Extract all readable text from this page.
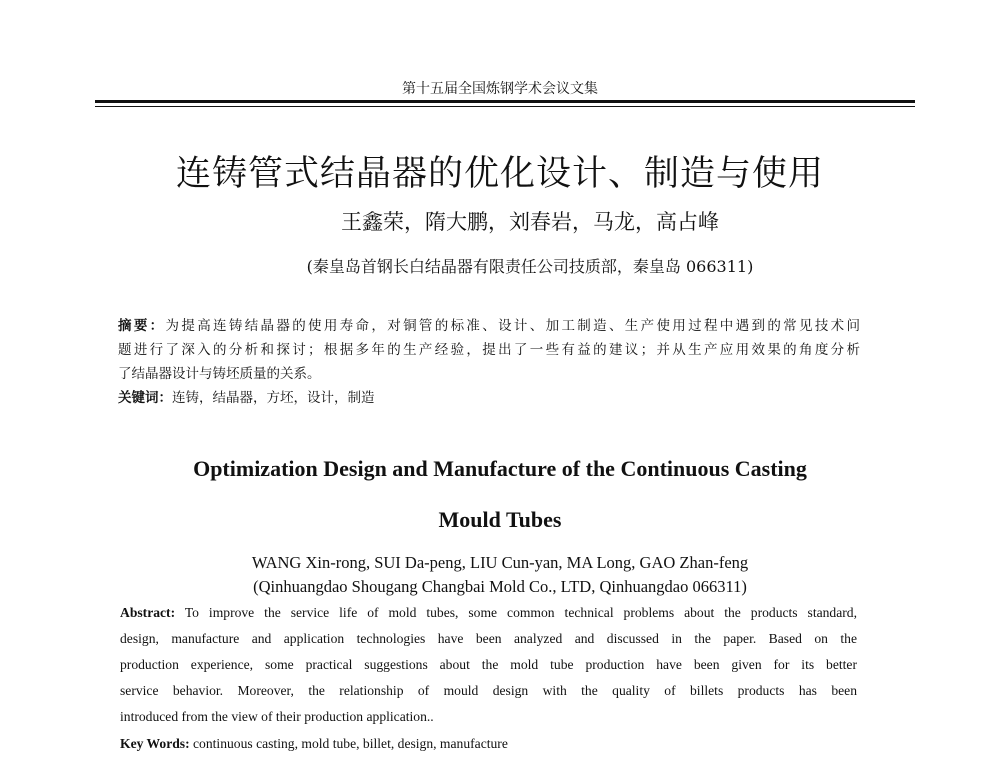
第十五届全国炼钢学术会议文集
连铸管式结晶器的优化设计、制造与使用
王鑫荣，隋大鹏，刘春岩，马龙，高占峰
(秦皇岛首钢长白结晶器有限责任公司技质部，秦皇岛 066311)
摘要：为提高连铸结晶器的使用寿命，对铜管的标准、设计、加工制造、生产使用过程中遇到的常见技术问
题进行了深入的分析和探讨；根据多年的生产经验，提出了一些有益的建议；并从生产应用效果的角度分析
了结晶器设计与铸坯质量的关系。
关键词：连铸，结晶器，方坯，设计，制造
Optimization Design and Manufacture of the Continuous Casting
Mould Tubes
WANG Xin-rong, SUI Da-peng, LIU Cun-yan, MA Long, GAO Zhan-feng
(Qinhuangdao Shougang Changbai Mold Co., LTD, Qinhuangdao 066311)
Abstract: To improve the service life of mold tubes, some common technical problems about the products standard,
design, manufacture and application technologies have been analyzed and discussed in the paper. Based on the
production experience, some practical suggestions about the mold tube production have been given for its better
service behavior. Moreover, the relationship of mould design with the quality of billets products has been
introduced from the view of their production application..
Key Words: continuous casting, mold tube, billet, design, manufacture
